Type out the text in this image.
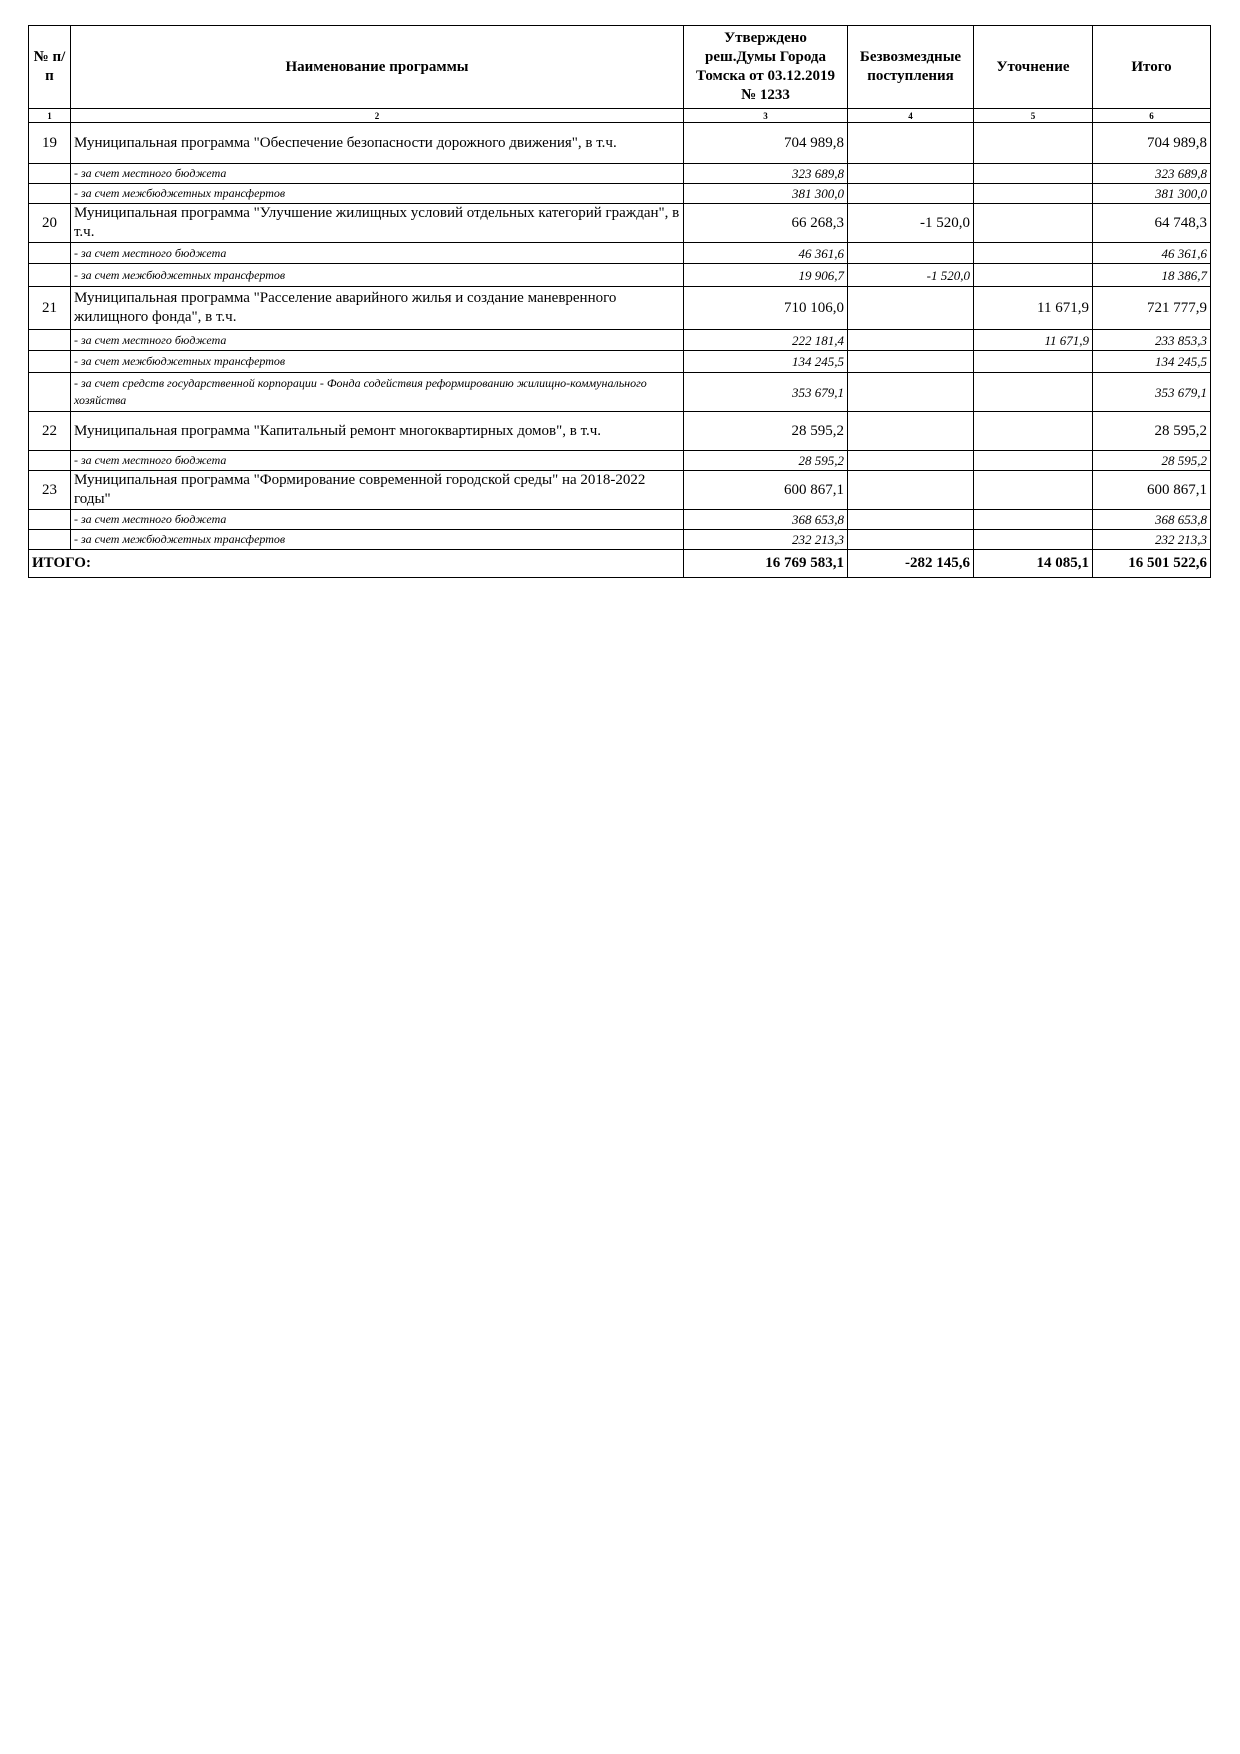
№ п/п	Наименование программы	Утверждено реш.Думы Города Томска от 03.12.2019 № 1233	Безвозмездные поступления	Уточнение	Итого
1	2	3	4	5	6
19	Муниципальная программа "Обеспечение безопасности дорожного движения", в т.ч.	704 989,8			704 989,8
	- за счет местного бюджета	323 689,8			323 689,8
	- за счет межбюджетных трансфертов	381 300,0			381 300,0
20	Муниципальная программа "Улучшение жилищных условий отдельных категорий граждан", в т.ч.	66 268,3	-1 520,0		64 748,3
	- за счет местного бюджета	46 361,6			46 361,6
	- за счет межбюджетных трансфертов	19 906,7	-1 520,0		18 386,7
21	Муниципальная программа "Расселение аварийного жилья и создание маневренного жилищного фонда", в т.ч.	710 106,0		11 671,9	721 777,9
	- за счет местного бюджета	222 181,4		11 671,9	233 853,3
	- за счет межбюджетных трансфертов	134 245,5			134 245,5
	- за счет средств государственной корпорации - Фонда содействия реформированию жилищно-коммунального хозяйства	353 679,1			353 679,1
22	Муниципальная программа "Капитальный ремонт многоквартирных домов", в т.ч.	28 595,2			28 595,2
	- за счет местного бюджета	28 595,2			28 595,2
23	Муниципальная программа "Формирование современной городской среды" на 2018-2022 годы"	600 867,1			600 867,1
	- за счет местного бюджета	368 653,8			368 653,8
	- за счет межбюджетных трансфертов	232 213,3			232 213,3
ИТОГО:		16 769 583,1	-282 145,6	14 085,1	16 501 522,6
